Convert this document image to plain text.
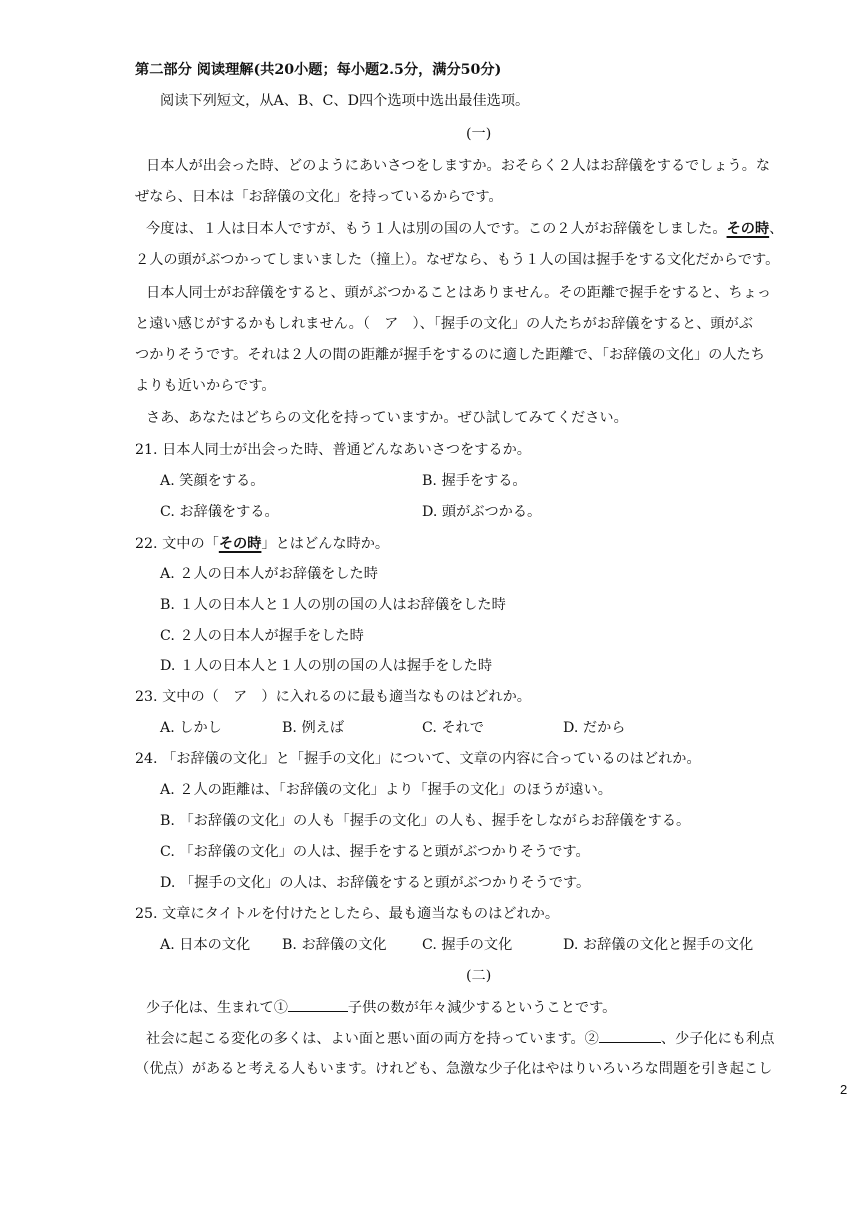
第二部分 阅读理解(共20小题；每小题2.5分，满分50分)
阅读下列短文，从A、B、C、D四个选项中选出最佳选项。
(一)
日本人が出会った時、どのようにあいさつをしますか。おそらく２人はお辞儀をするでしょう。な
ぜなら、日本は「お辞儀の文化」を持っているからです。
今度は、１人は日本人ですが、もう１人は別の国の人です。この２人がお辞儀をしました。その時、
２人の頭がぶつかってしまいました（撞上）。なぜなら、もう１人の国は握手をする文化だからです。
日本人同士がお辞儀をすると、頭がぶつかることはありません。その距離で握手をすると、ちょっ
と遠い感じがするかもしれません。（　ア　）、「握手の文化」の人たちがお辞儀をすると、頭がぶ
つかりそうです。それは２人の間の距離が握手をするのに適した距離で、「お辞儀の文化」の人たち
よりも近いからです。
さあ、あなたはどちらの文化を持っていますか。ぜひ試してみてください。
21. 日本人同士が出会った時、普通どんなあいさつをするか。
A. 笑顔をする。	B. 握手をする。
C. お辞儀をする。	D. 頭がぶつかる。
22. 文中の「その時」とはどんな時か。
A. ２人の日本人がお辞儀をした時
B. １人の日本人と１人の別の国の人はお辞儀をした時
C. ２人の日本人が握手をした時
D. １人の日本人と１人の別の国の人は握手をした時
23. 文中の（　ア　）に入れるのに最も適当なものはどれか。
A. しかし	B. 例えば	C. それで	D. だから
24. 「お辞儀の文化」と「握手の文化」について、文章の内容に合っているのはどれか。
A. ２人の距離は、「お辞儀の文化」より「握手の文化」のほうが遠い。
B. 「お辞儀の文化」の人も「握手の文化」の人も、握手をしながらお辞儀をする。
C. 「お辞儀の文化」の人は、握手をすると頭がぶつかりそうです。
D. 「握手の文化」の人は、お辞儀をすると頭がぶつかりそうです。
25. 文章にタイトルを付けたとしたら、最も適当なものはどれか。
A. 日本の文化 B. お辞儀の文化 C. 握手の文化	D. お辞儀の文化と握手の文化
(二)
少子化は、生まれて①	子供の数が年々減少するということです。
社会に起こる変化の多くは、よい面と悪い面の両方を持っています。②	、少子化にも利点
（优点）があると考える人もいます。けれども、急激な少子化はやはりいろいろな問題を引き起こし
2
